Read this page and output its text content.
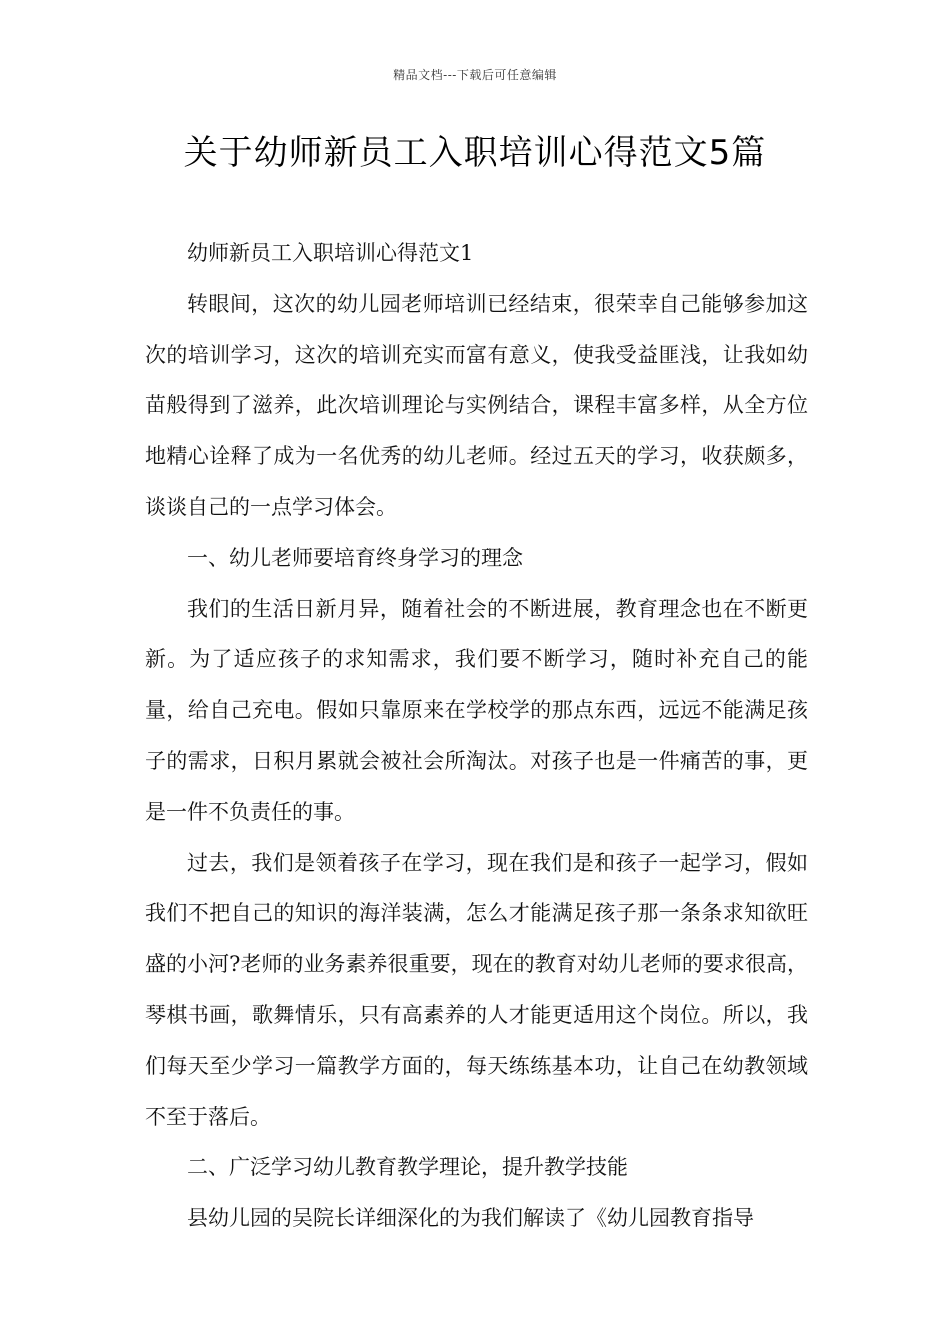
精品文档---下载后可任意编辑
关于幼师新员工入职培训心得范文5篇

幼师新员工入职培训心得范文1

转眼间，这次的幼儿园老师培训已经结束，很荣幸自己能够参加这次的培训学习，这次的培训充实而富有意义，使我受益匪浅，让我如幼苗般得到了滋养，此次培训理论与实例结合，课程丰富多样，从全方位地精心诠释了成为一名优秀的幼儿老师。经过五天的学习，收获颇多，谈谈自己的一点学习体会。

一、幼儿老师要培育终身学习的理念

我们的生活日新月异，随着社会的不断进展，教育理念也在不断更新。为了适应孩子的求知需求，我们要不断学习，随时补充自己的能量，给自己充电。假如只靠原来在学校学的那点东西，远远不能满足孩子的需求，日积月累就会被社会所淘汰。对孩子也是一件痛苦的事，更是一件不负责任的事。

过去，我们是领着孩子在学习，现在我们是和孩子一起学习，假如我们不把自己的知识的海洋装满，怎么才能满足孩子那一条条求知欲旺盛的小河?老师的业务素养很重要，现在的教育对幼儿老师的要求很高，琴棋书画，歌舞情乐，只有高素养的人才能更适用这个岗位。所以，我们每天至少学习一篇教学方面的，每天练练基本功，让自己在幼教领域不至于落后。

二、广泛学习幼儿教育教学理论，提升教学技能

县幼儿园的吴院长详细深化的为我们解读了《幼儿园教育指导
